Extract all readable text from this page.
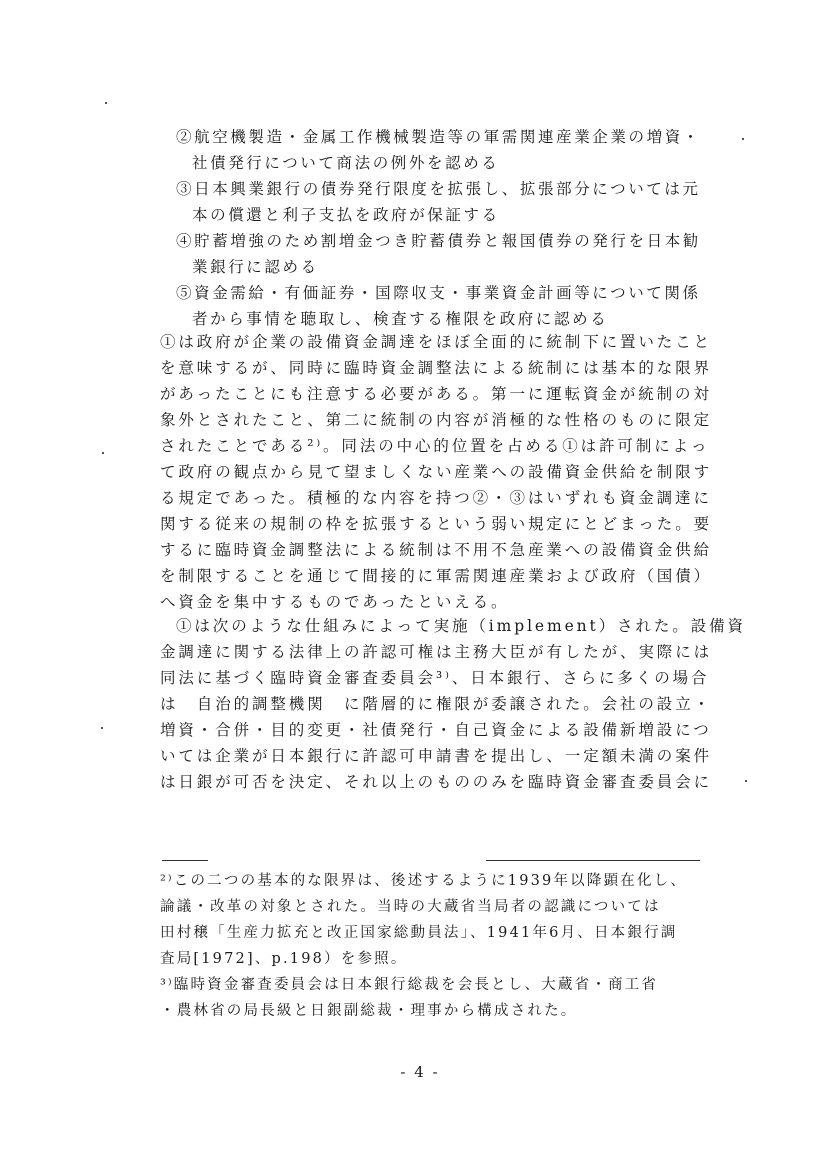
②航空機製造・金属工作機械製造等の軍需関連産業企業の増資・
社債発行について商法の例外を認める
③日本興業銀行の債券発行限度を拡張し、拡張部分については元
本の償還と利子支払を政府が保証する
④貯蓄増強のため割増金つき貯蓄債券と報国債券の発行を日本勧
業銀行に認める
⑤資金需給・有価証券・国際収支・事業資金計画等について関係
者から事情を聴取し、検査する権限を政府に認める
①は政府が企業の設備資金調達をほぼ全面的に統制下に置いたこと
を意味するが、同時に臨時資金調整法による統制には基本的な限界
があったことにも注意する必要がある。第一に運転資金が統制の対
象外とされたこと、第二に統制の内容が消極的な性格のものに限定
されたことである²⁾。同法の中心的位置を占める①は許可制によっ
て政府の観点から見て望ましくない産業への設備資金供給を制限す
る規定であった。積極的な内容を持つ②・③はいずれも資金調達に
関する従来の規制の枠を拡張するという弱い規定にとどまった。要
するに臨時資金調整法による統制は不用不急産業への設備資金供給
を制限することを通じて間接的に軍需関連産業および政府（国債）
へ資金を集中するものであったといえる。
①は次のような仕組みによって実施（implement）された。設備資
金調達に関する法律上の許認可権は主務大臣が有したが、実際には
同法に基づく臨時資金審査委員会³⁾、日本銀行、さらに多くの場合
は　自治的調整機関　に階層的に権限が委譲された。会社の設立・
増資・合併・目的変更・社債発行・自己資金による設備新増設につ
いては企業が日本銀行に許認可申請書を提出し、一定額未満の案件
は日銀が可否を決定、それ以上のもののみを臨時資金審査委員会に
²⁾この二つの基本的な限界は、後述するように1939年以降顕在化し、
論議・改革の対象とされた。当時の大蔵省当局者の認識については
田村穣「生産力拡充と改正国家総動員法」、1941年6月、日本銀行調
査局[1972]、p.198）を参照。
³⁾臨時資金審査委員会は日本銀行総裁を会長とし、大蔵省・商工省
・農林省の局長級と日銀副総裁・理事から構成された。
- 4 -
